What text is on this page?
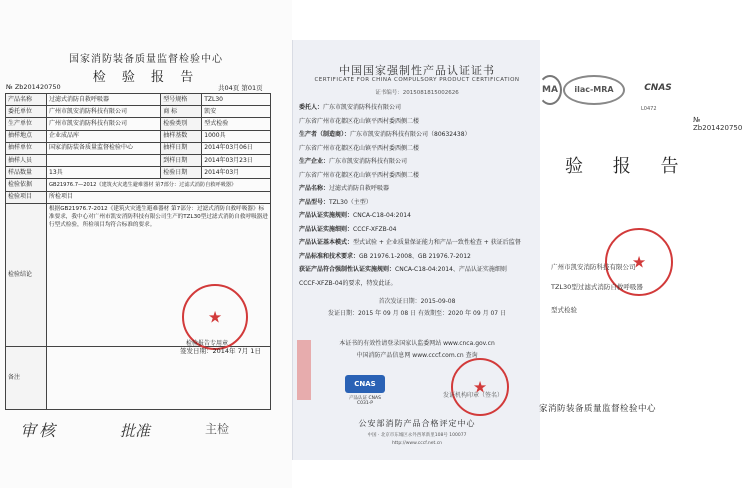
国家消防装备质量监督检验中心
检 验 报 告
№ Zb201420750	共04页 第01页
产品名称	过滤式消防自救呼吸器	型号规格	TZL30
委托单位	广州市凯安消防科技有限公司	商 标	凯安
生产单位	广州市凯安消防科技有限公司	检验类别	型式检验
抽样地点	企业成品库	抽样基数	1000具
抽样单位	国家消防装备质量监督检验中心	抽样日期	2014年03月06日
抽样人员		到样日期	2014年03月23日
样品数量	13具	检验日期	2014年03月
检验依据	GB21976.7—2012《建筑火灾逃生避难器材 第7部分：过滤式消防自救呼吸器》		
检验项目	所检项目		
检验结论	根据GB21976.7-2012《建筑火灾逃生避难器材 第7部分：过滤式消防自救呼吸器》标准要求，我中心对广州市凯安消防科技有限公司生产的TZL30型过滤式消防自救呼吸器进行型式检验，所检项目均符合标准的要求。		
备注			
★
检验报告专用章
签发日期：2014年 7月 1日
审核	批准	主检
中国国家强制性产品认证证书
CERTIFICATE FOR CHINA COMPULSORY PRODUCT CERTIFICATION
证书编号：2015081815002626
委托人：广东市凯安消防科技有限公司
广东省广州市花都区花山镇平西村委西侧二楼
生产者（制造商）：广东市凯安消防科技有限公司（80632438）
广东省广州市花都区花山镇平西村委西侧二楼
生产企业：广东市凯安消防科技有限公司
广东省广州市花都区花山镇平西村委西侧二楼
产品名称：过滤式消防自救呼吸器
产品型号：TZL30（主型）
产品认证实施规则：CNCA-C18-04:2014
产品认证实施细则：CCCF-XFZB-04
产品认证基本模式：型式试验 + 企业质量保证能力和产品一致性检查 + 获证后监督
产品标准和技术要求：GB 21976.1-2008、GB 21976.7-2012
获证产品符合强制性认证实施规则：CNCA-C18-04:2014、产品认证实施细则
CCCF-XFZB-04的要求，特发此证。
首次发证日期：2015-09-08
发证日期：2015 年 09 月 08 日 有效期至：2020 年 09 月 07 日
本证书的有效性请登录国家认监委网站 www.cnca.gov.cn
中国消防产品信息网 www.cccf.com.cn 查询
CNAS
产品认证 CNAS C031-P
★
发证机构印章（签名）
公安部消防产品合格评定中心
中国 · 北京市东城区永外西革新里108号 100077
http://www.cccf.net.cn
MA	ilac-MRA	CNAS
L0472
№ Zb201420750
验 报 告
★
广州市凯安消防科技有限公司
TZL30型过滤式消防自救呼吸器
型式检验
家消防装备质量监督检验中心
